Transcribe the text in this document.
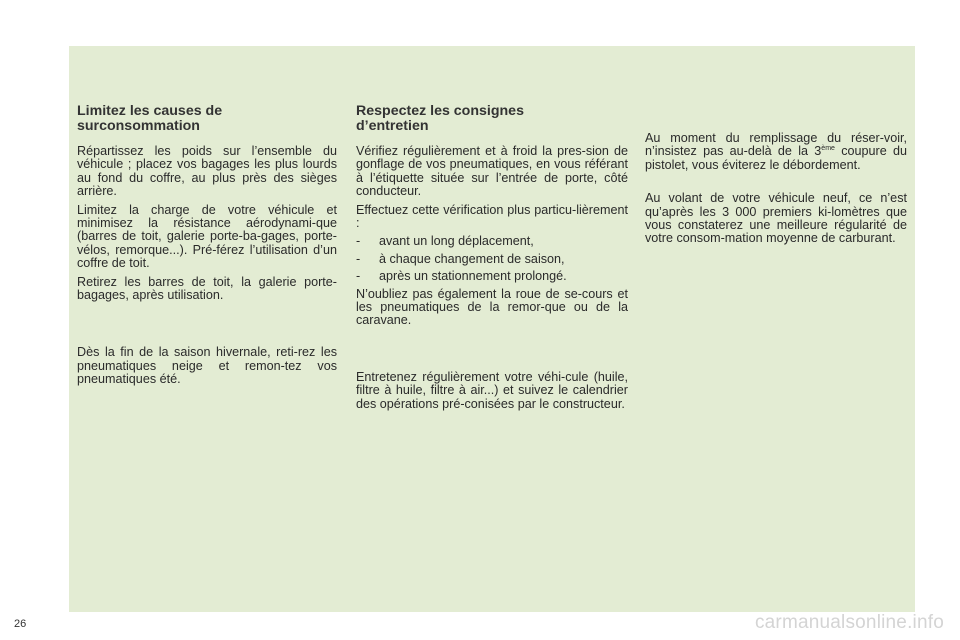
Limitez les causes de
surconsommation

Répartissez les poids sur l’ensemble du véhicule ; placez vos bagages les plus lourds au fond du coffre, au plus près des sièges arrière.

Limitez la charge de votre véhicule et minimisez la résistance aérodynami-que (barres de toit, galerie porte-ba-gages, porte-vélos, remorque...). Pré-férez l’utilisation d’un coffre de toit.

Retirez les barres de toit, la galerie porte-bagages, après utilisation.

Dès la fin de la saison hivernale, reti-rez les pneumatiques neige et remon-tez vos pneumatiques été.

Respectez les consignes
d’entretien

Vérifiez régulièrement et à froid la pres-sion de gonflage de vos pneumatiques, en vous référant à l’étiquette située sur l’entrée de porte, côté conducteur.

Effectuez cette vérification plus particu-lièrement :

-	avant un long déplacement,
-	à chaque changement de saison,
-	après un stationnement prolongé.

N’oubliez pas également la roue de se-cours et les pneumatiques de la remor-que ou de la caravane.

Entretenez régulièrement votre véhi-cule (huile, filtre à huile, filtre à air...) et suivez le calendrier des opérations pré-conisées par le constructeur.

Au moment du remplissage du réser-voir, n’insistez pas au-delà de la 3ème coupure du pistolet, vous éviterez le débordement.

Au volant de votre véhicule neuf, ce n’est qu’après les 3 000 premiers ki-lomètres que vous constaterez une meilleure régularité de votre consom-mation moyenne de carburant.

26	carmanualsonline.info
